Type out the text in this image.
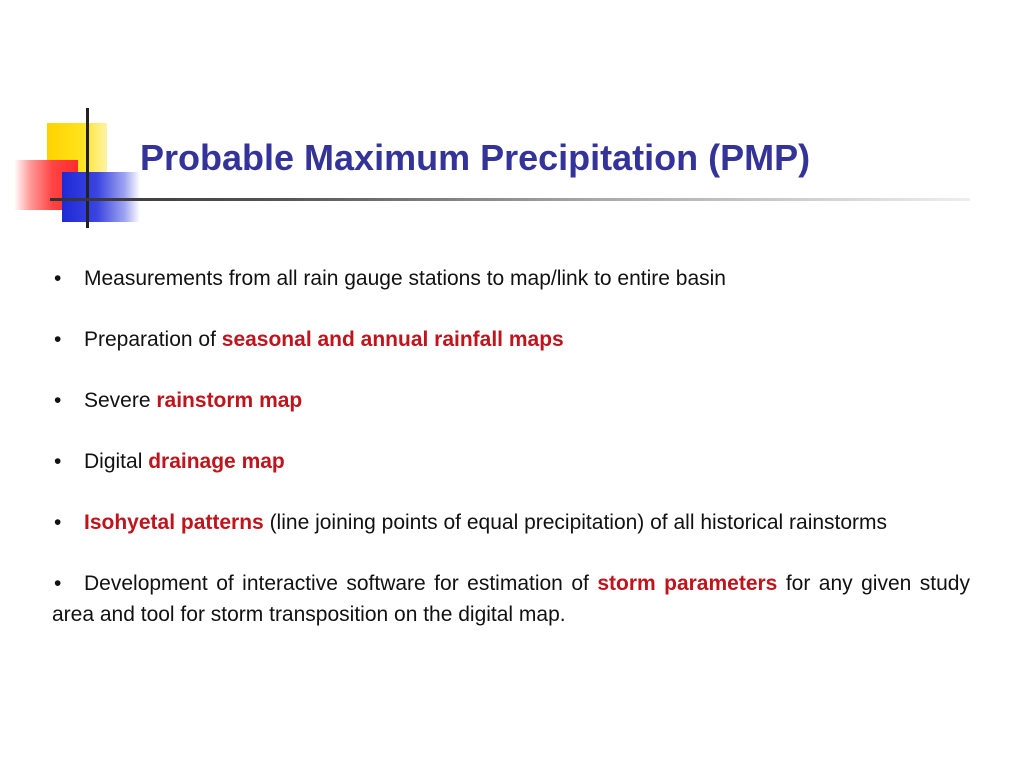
Probable Maximum Precipitation (PMP)
• Measurements from all rain gauge stations to map/link to entire basin
• Preparation of seasonal and annual rainfall maps
• Severe rainstorm map
• Digital drainage map
• Isohyetal patterns (line joining points of equal precipitation) of all historical rainstorms
• Development of interactive software for estimation of storm parameters for any given study area and tool for storm transposition on the digital map.
